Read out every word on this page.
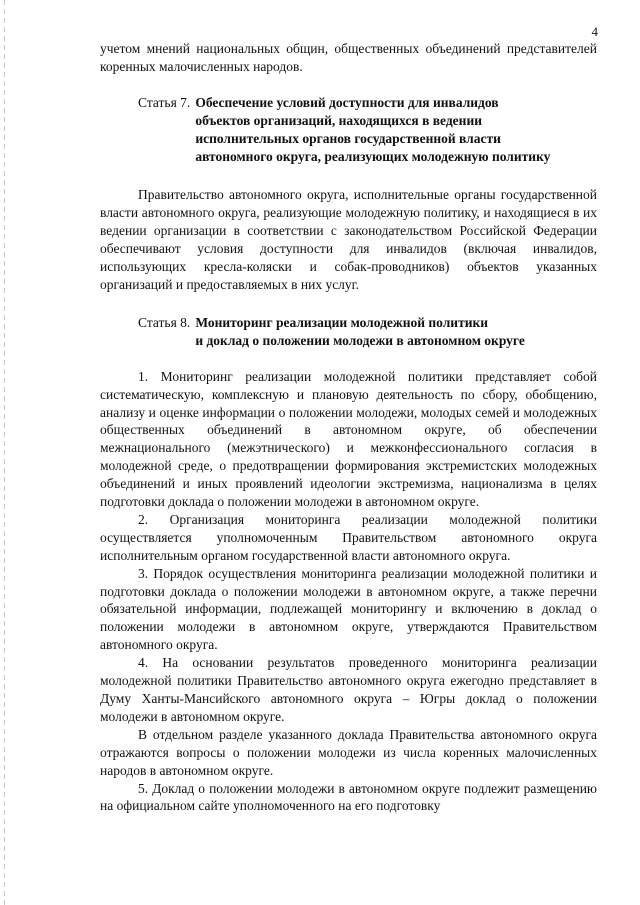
4

учетом мнений национальных общин, общественных объединений представителей коренных малочисленных народов.

Статья 7. Обеспечение условий доступности для инвалидов
объектов организаций, находящихся в ведении
исполнительных органов государственной власти
автономного округа, реализующих молодежную политику

Правительство автономного округа, исполнительные органы государственной власти автономного округа, реализующие молодежную политику, и находящиеся в их ведении организации в соответствии с законодательством Российской Федерации обеспечивают условия доступности для инвалидов (включая инвалидов, использующих кресла-коляски и собак-проводников) объектов указанных организаций и предоставляемых в них услуг.

Статья 8. Мониторинг реализации молодежной политики
и доклад о положении молодежи в автономном округе

1. Мониторинг реализации молодежной политики представляет собой систематическую, комплексную и плановую деятельность по сбору, обобщению, анализу и оценке информации о положении молодежи, молодых семей и молодежных общественных объединений в автономном округе, об обеспечении межнационального (межэтнического) и межконфессионального согласия в молодежной среде, о предотвращении формирования экстремистских молодежных объединений и иных проявлений идеологии экстремизма, национализма в целях подготовки доклада о положении молодежи в автономном округе.

2. Организация мониторинга реализации молодежной политики осуществляется уполномоченным Правительством автономного округа исполнительным органом государственной власти автономного округа.

3. Порядок осуществления мониторинга реализации молодежной политики и подготовки доклада о положении молодежи в автономном округе, а также перечни обязательной информации, подлежащей мониторингу и включению в доклад о положении молодежи в автономном округе, утверждаются Правительством автономного округа.

4. На основании результатов проведенного мониторинга реализации молодежной политики Правительство автономного округа ежегодно представляет в Думу Ханты-Мансийского автономного округа – Югры доклад о положении молодежи в автономном округе.

В отдельном разделе указанного доклада Правительства автономного округа отражаются вопросы о положении молодежи из числа коренных малочисленных народов в автономном округе.

5. Доклад о положении молодежи в автономном округе подлежит размещению на официальном сайте уполномоченного на его подготовку
